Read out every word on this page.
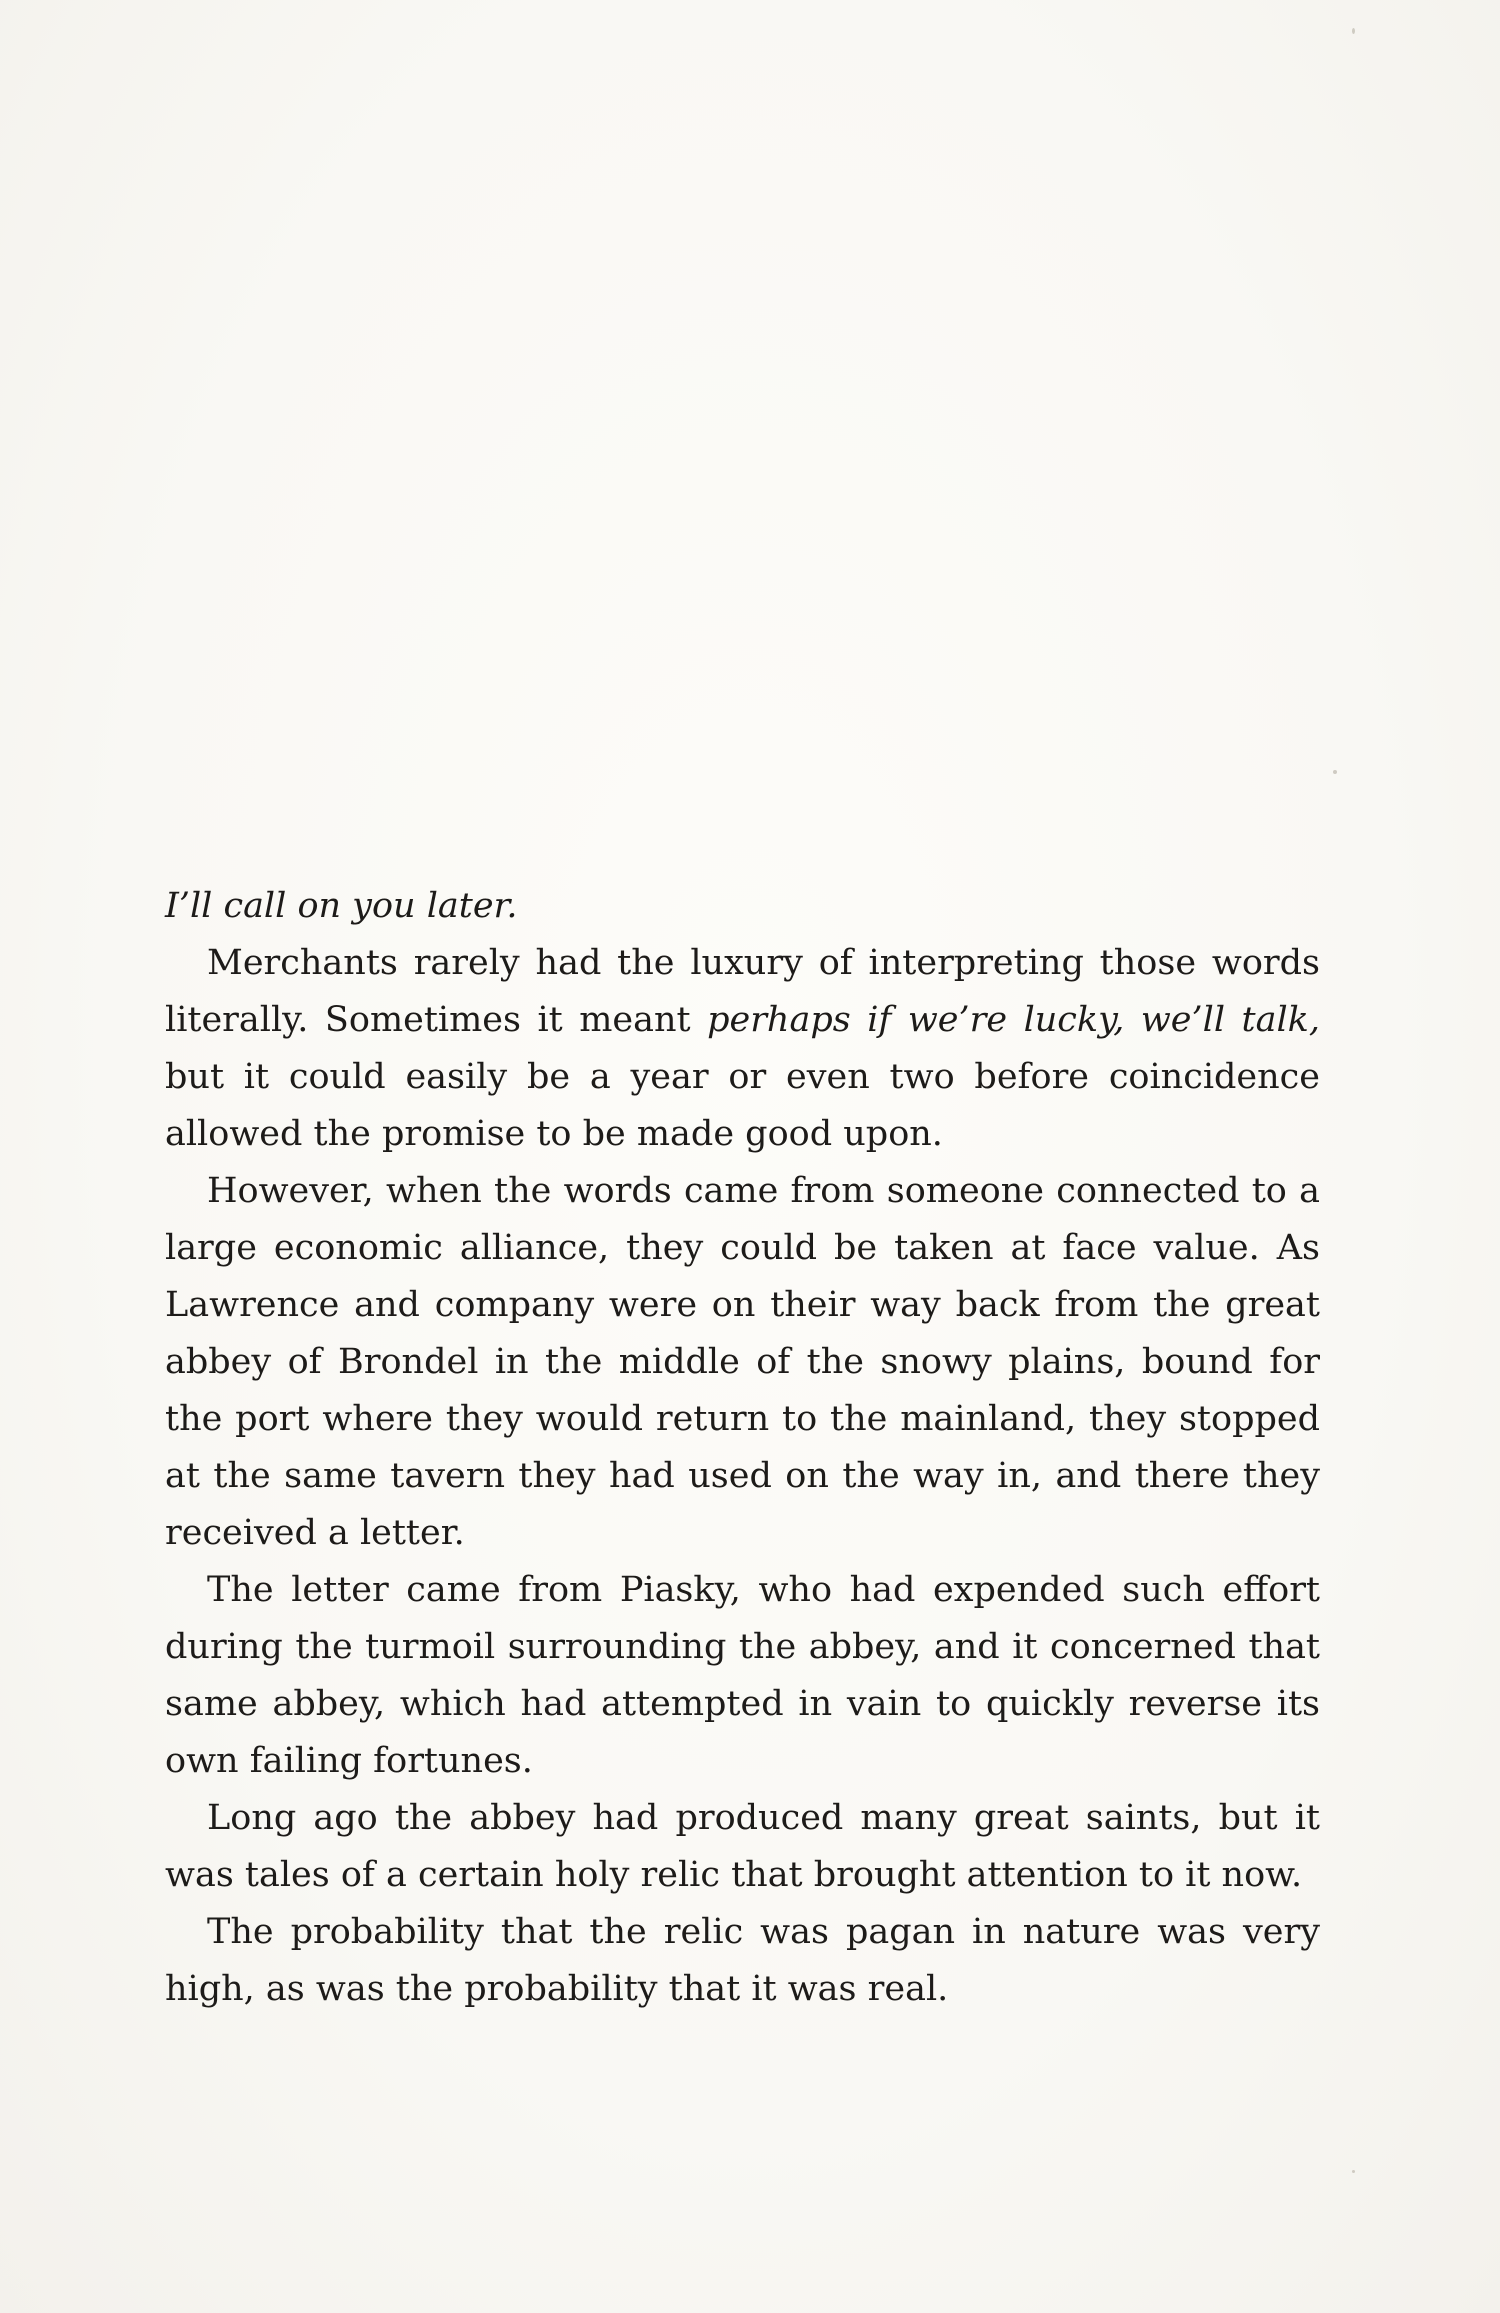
I’ll call on you later.

Merchants rarely had the luxury of interpreting those words literally. Sometimes it meant perhaps if we’re lucky, we’ll talk, but it could easily be a year or even two before coincidence allowed the promise to be made good upon.

However, when the words came from someone connected to a large economic alliance, they could be taken at face value. As Lawrence and company were on their way back from the great abbey of Brondel in the middle of the snowy plains, bound for the port where they would return to the mainland, they stopped at the same tavern they had used on the way in, and there they received a letter.

The letter came from Piasky, who had expended such effort during the turmoil surrounding the abbey, and it concerned that same abbey, which had attempted in vain to quickly reverse its own failing fortunes.

Long ago the abbey had produced many great saints, but it was tales of a certain holy relic that brought attention to it now.

The probability that the relic was pagan in nature was very high, as was the probability that it was real.
